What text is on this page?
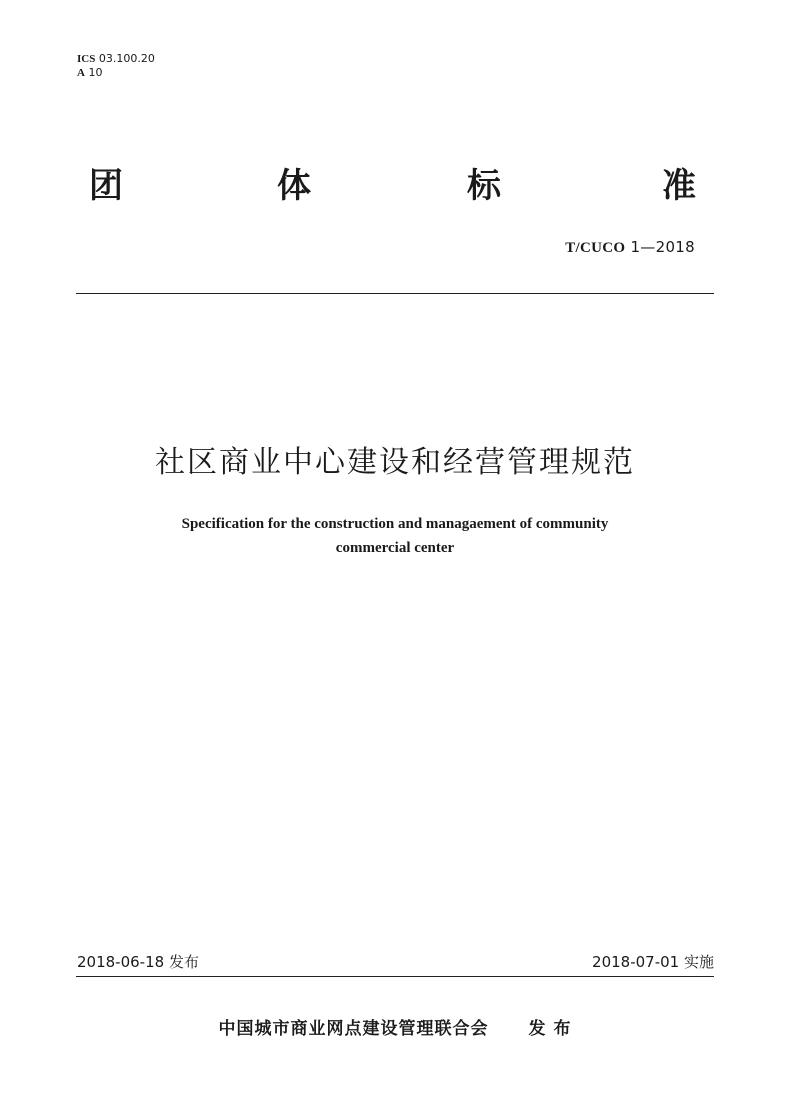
ICS 03.100.20
A 10
团	体	标	准
T/CUCO 1—2018
社区商业中心建设和经营管理规范
Specification for the construction and managaement of community
commercial center
2018-06-18 发布	2018-07-01 实施
中国城市商业网点建设管理联合会 发 布
